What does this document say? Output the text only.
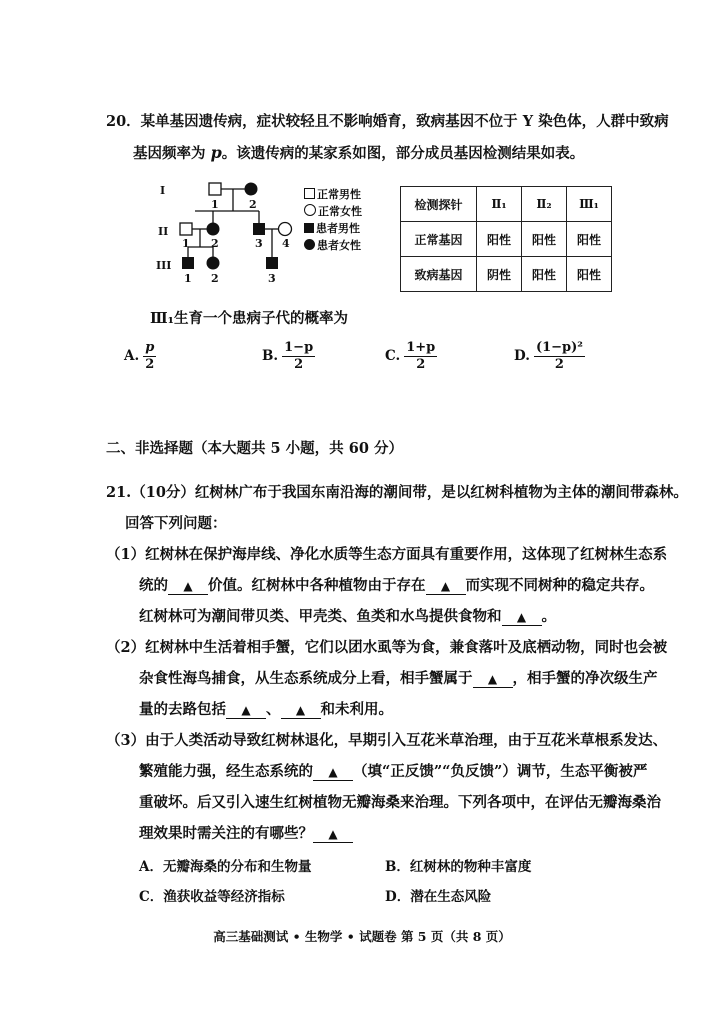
20．某单基因遗传病，症状较轻且不影响婚育，致病基因不位于 Y 染色体，人群中致病
基因频率为 p。该遗传病的某家系如图，部分成员基因检测结果如表。
I
II
III
1	2
1 2	3 4
1 2	3
正常男性
正常女性
患者男性
患者女性
检测探针	Ⅱ₁	Ⅱ₂	Ⅲ₁
正常基因	阳性	阳性	阳性
致病基因	阴性	阳性	阳性
Ⅲ₁生育一个患病子代的概率为
A. $\frac{p}{2}$	B. $\frac{1-p}{2}$	C. $\frac{1+p}{2}$	D. $\frac{\text{(1−p)²}}{2}$
二、非选择题（本大题共 5 小题，共 60 分）
21.（10分）红树林广布于我国东南沿海的潮间带，是以红树科植物为主体的潮间带森林。
回答下列问题：
（1）红树林在保护海岸线、净化水质等生态方面具有重要作用，这体现了红树林生态系
统的 ▲ 价值。红树林中各种植物由于存在 ▲ 而实现不同树种的稳定共存。
红树林可为潮间带贝类、甲壳类、鱼类和水鸟提供食物和 ▲ 。
（2）红树林中生活着相手蟹，它们以团水虱等为食，兼食落叶及底栖动物，同时也会被
杂食性海鸟捕食，从生态系统成分上看，相手蟹属于 ▲ ，相手蟹的净次级生产
量的去路包括 ▲ 、 ▲ 和未利用。
（3）由于人类活动导致红树林退化，早期引入互花米草治理，由于互花米草根系发达、
繁殖能力强，经生态系统的 ▲ （填“正反馈”“负反馈”）调节，生态平衡被严
重破坏。后又引入速生红树植物无瓣海桑来治理。下列各项中，在评估无瓣海桑治
理效果时需关注的有哪些？ ▲
A．无瓣海桑的分布和生物量	B．红树林的物种丰富度
C．渔获收益等经济指标	D．潜在生态风险
高三基础测试 • 生物学 • 试题卷 第 5 页（共 8 页）
